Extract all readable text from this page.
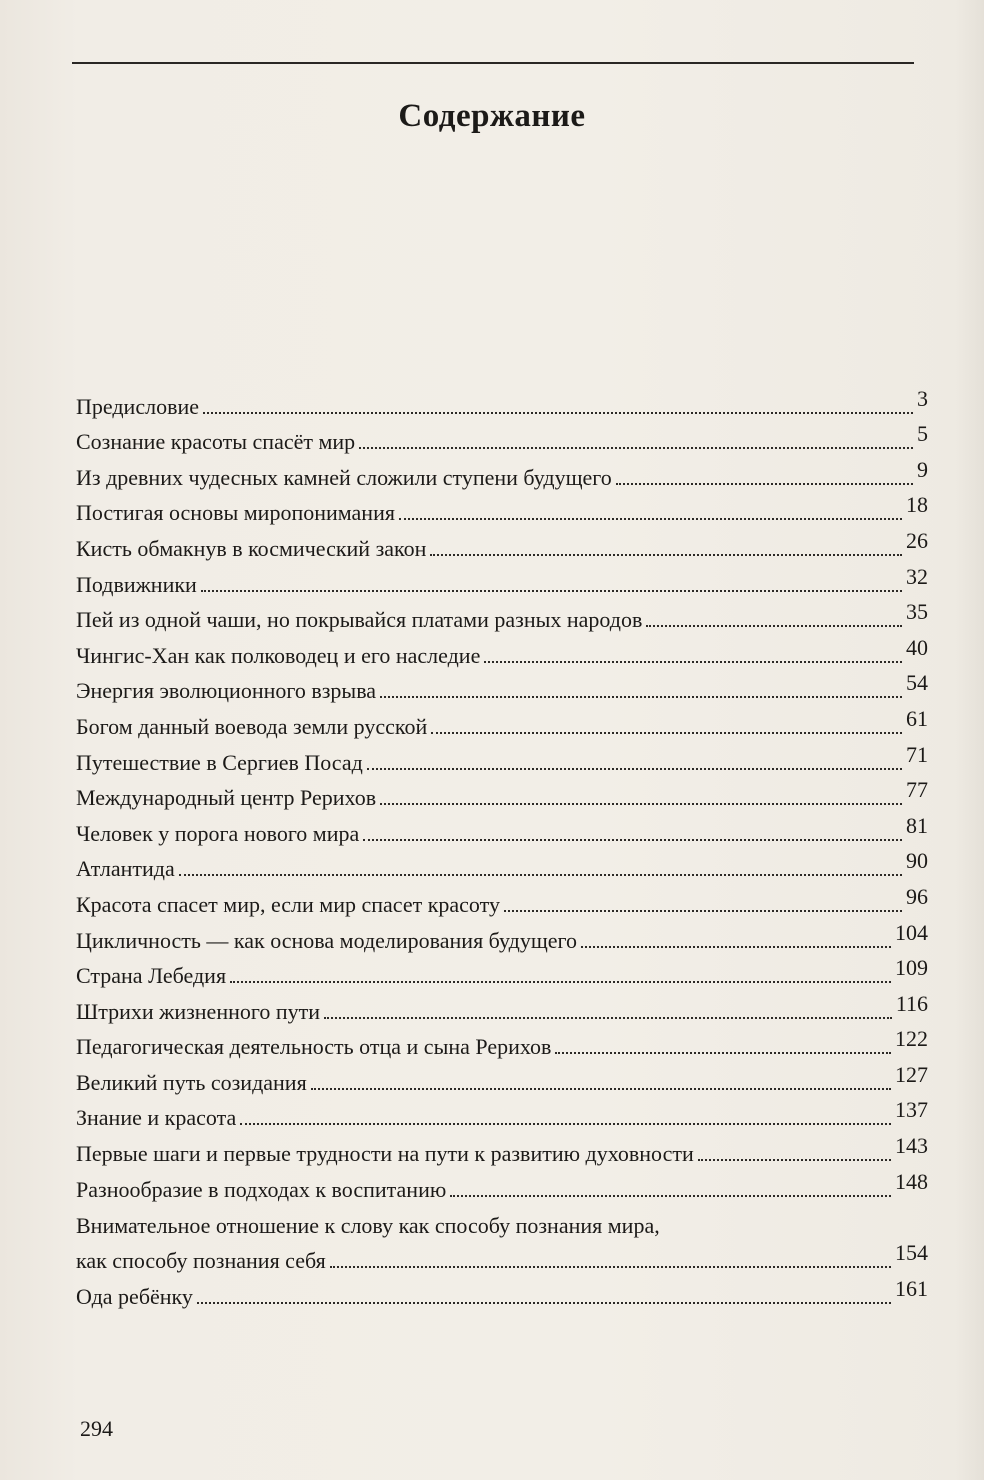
Содержание
Предисловие	3
Сознание красоты спасёт мир	5
Из древних чудесных камней сложили ступени будущего	9
Постигая основы миропонимания	18
Кисть обмакнув в космический закон	26
Подвижники	32
Пей из одной чаши, но покрывайся платами разных народов	35
Чингис-Хан как полководец и его наследие	40
Энергия эволюционного взрыва	54
Богом данный воевода земли русской	61
Путешествие в Сергиев Посад	71
Международный центр Рерихов	77
Человек у порога нового мира	81
Атлантида	90
Красота спасет мир, если мир спасет красоту	96
Цикличность — как основа моделирования будущего	104
Страна Лебедия	109
Штрихи жизненного пути	116
Педагогическая деятельность отца и сына Рерихов	122
Великий путь созидания	127
Знание и красота	137
Первые шаги и первые трудности на пути к развитию духовности	143
Разнообразие в подходах к воспитанию	148
Внимательное отношение к слову как способу познания мира,
как способу познания себя	154
Ода ребёнку	161
294
